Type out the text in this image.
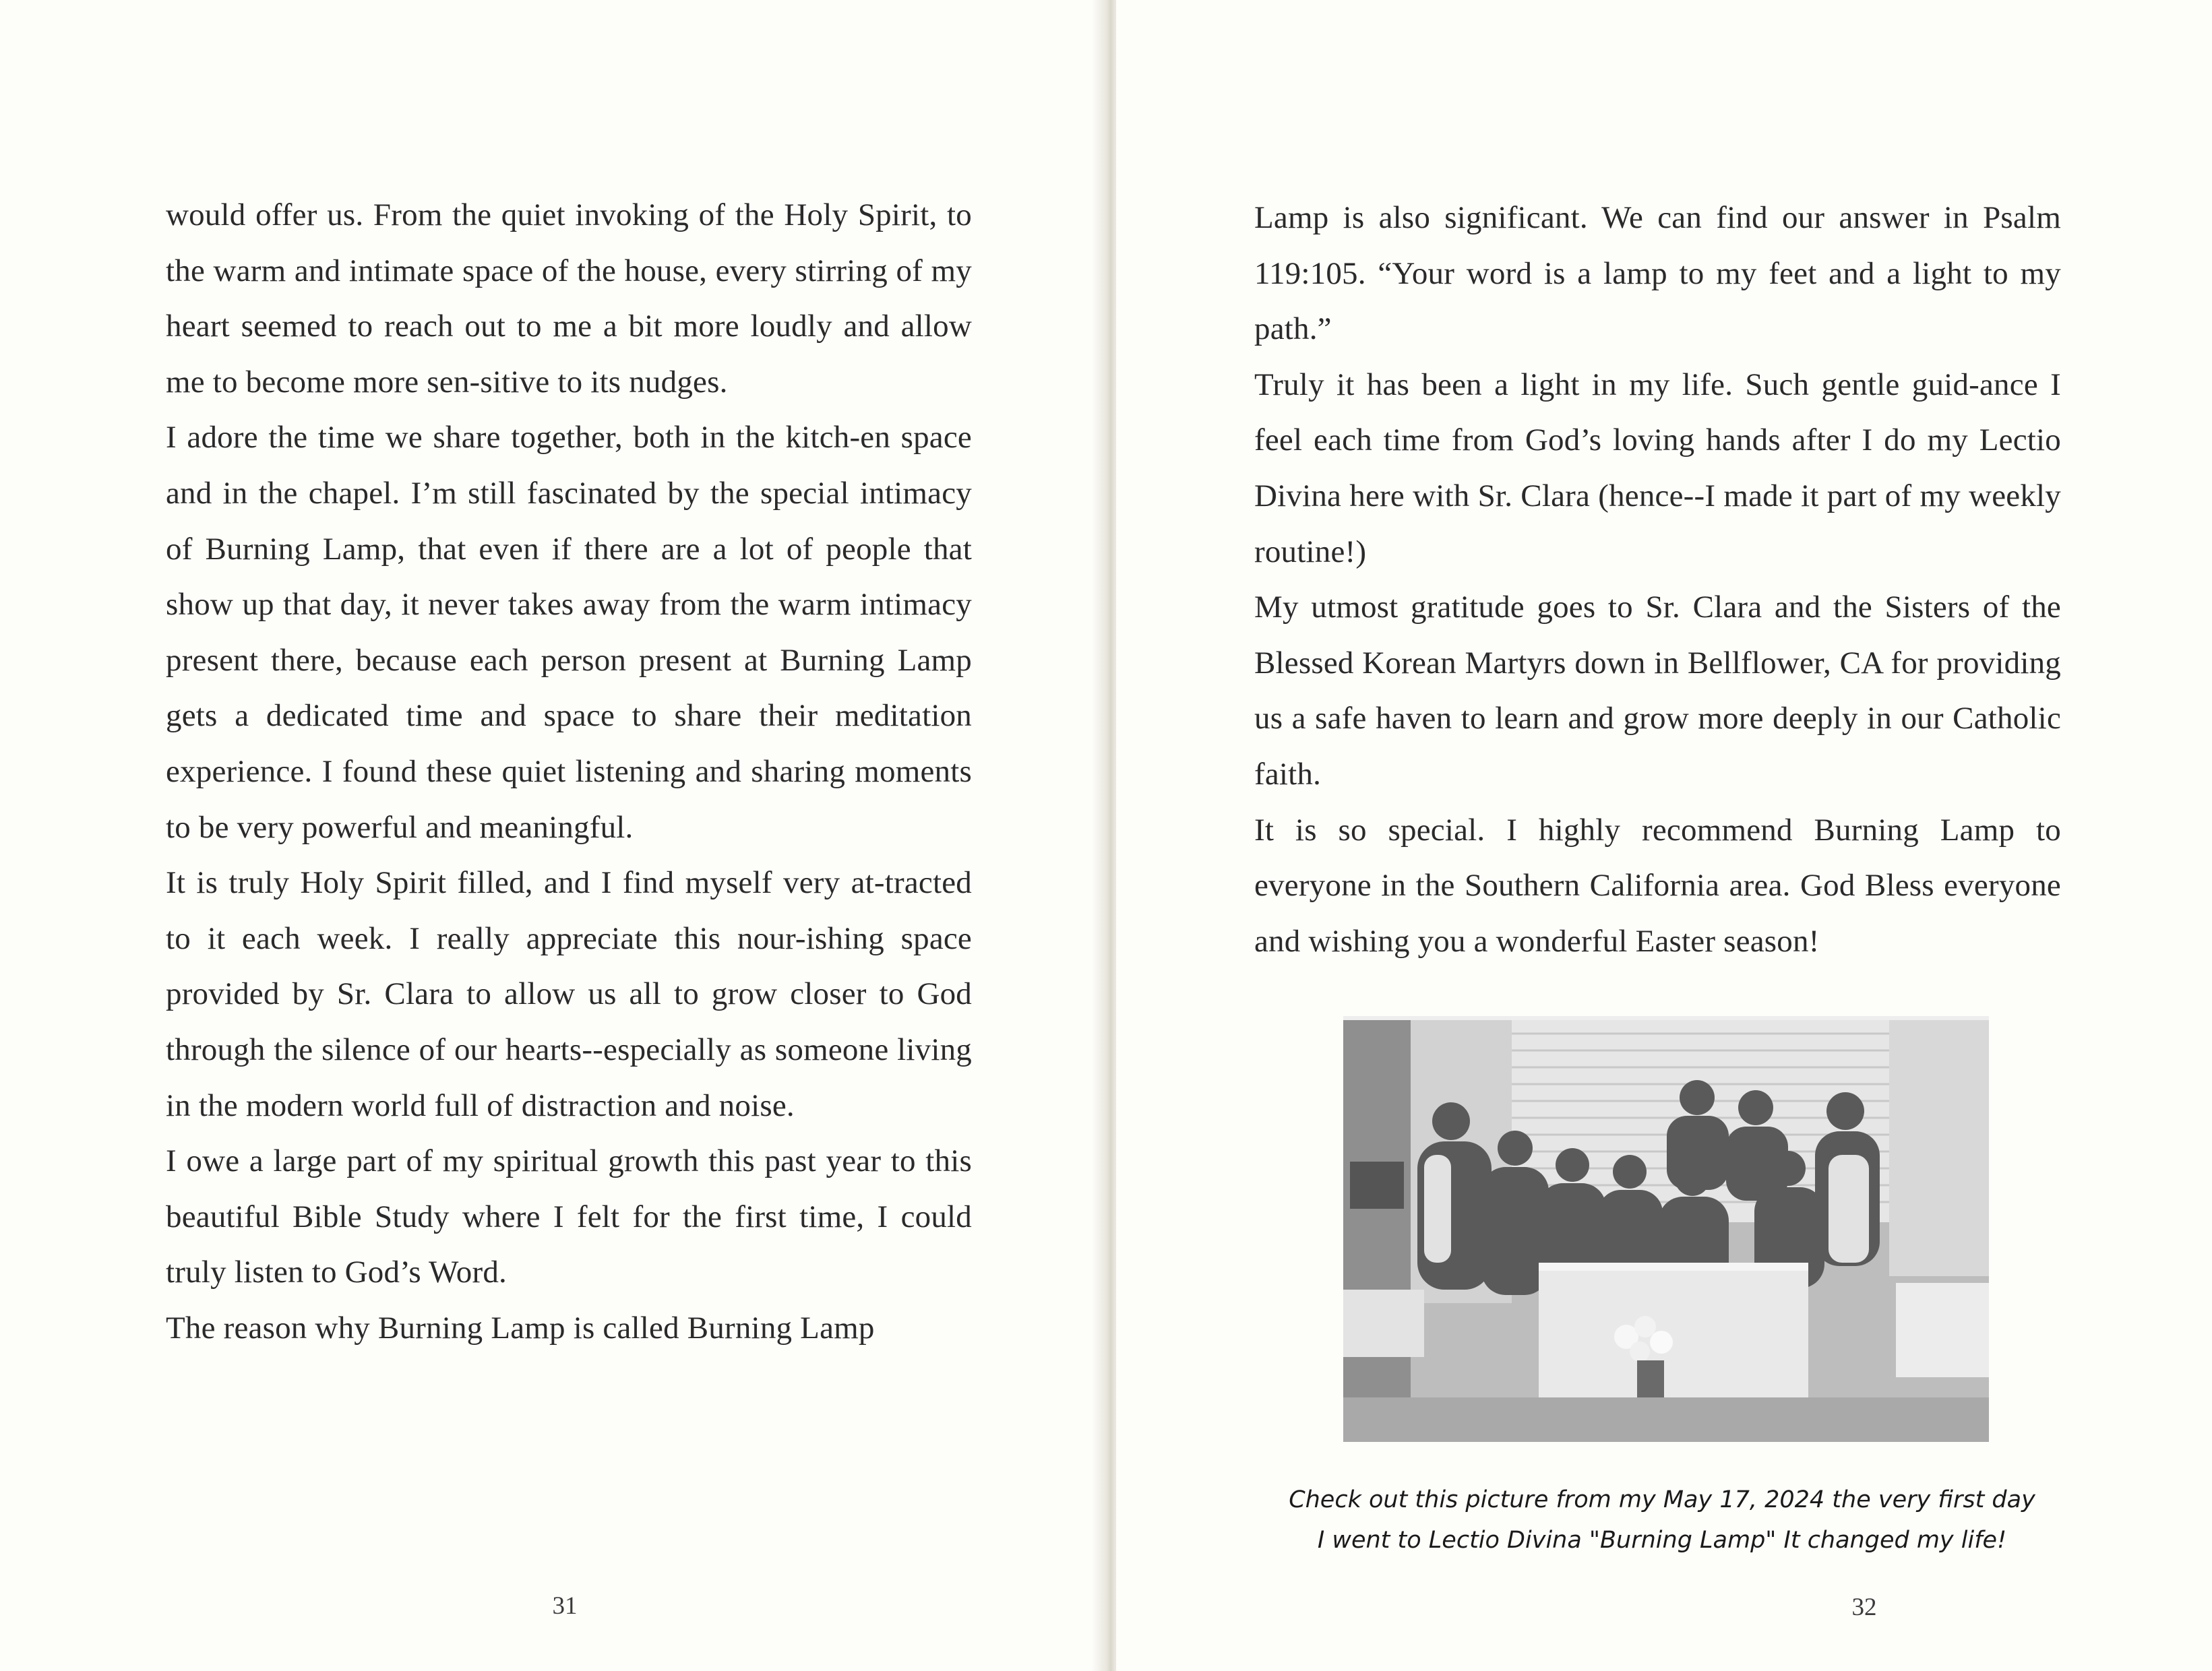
would offer us. From the quiet invoking of the Holy Spirit, to the warm and intimate space of the house, every stirring of my heart seemed to reach out to me a bit more loudly and allow me to become more sen-sitive to its nudges.

I adore the time we share together, both in the kitch-en space and in the chapel. I’m still fascinated by the special intimacy of Burning Lamp, that even if there are a lot of people that show up that day, it never takes away from the warm intimacy present there, because each person present at Burning Lamp gets a dedicated time and space to share their meditation experience. I found these quiet listening and sharing moments to be very powerful and meaningful.

It is truly Holy Spirit filled, and I find myself very at-tracted to it each week. I really appreciate this nour-ishing space provided by Sr. Clara to allow us all to grow closer to God through the silence of our hearts--especially as someone living in the modern world full of distraction and noise.

I owe a large part of my spiritual growth this past year to this beautiful Bible Study where I felt for the first time, I could truly listen to God’s Word.

The reason why Burning Lamp is called Burning Lamp

31

Lamp is also significant. We can find our answer in Psalm 119:105. “Your word is a lamp to my feet and a light to my path.”

Truly it has been a light in my life. Such gentle guid-ance I feel each time from God’s loving hands after I do my Lectio Divina here with Sr. Clara (hence--I made it part of my weekly routine!)

My utmost gratitude goes to Sr. Clara and the Sisters of the Blessed Korean Martyrs down in Bellflower, CA for providing us a safe haven to learn and grow more deeply in our Catholic faith.

It is so special. I highly recommend Burning Lamp to everyone in the Southern California area. God Bless everyone and wishing you a wonderful Easter season!

Check out this picture from my May 17, 2024 the very first day
I went to Lectio Divina "Burning Lamp" It changed my life!
32
